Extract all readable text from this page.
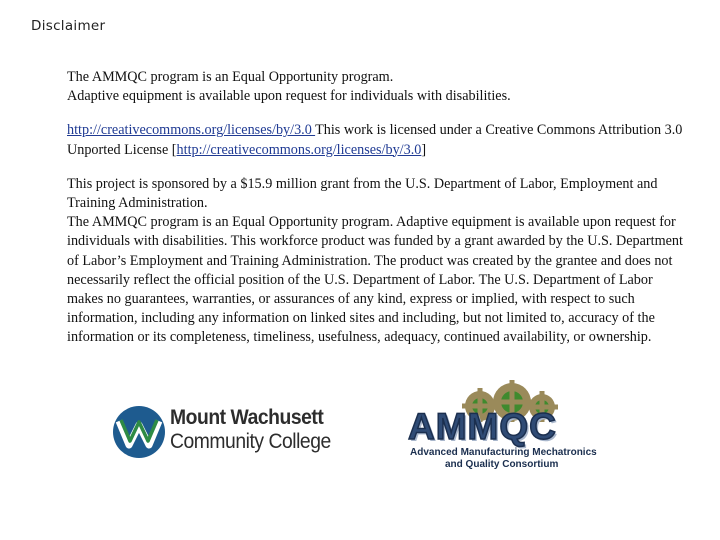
Disclaimer

The AMMQC program is an Equal Opportunity program.
Adaptive equipment is available upon request for individuals with disabilities.

http://creativecommons.org/licenses/by/3.0 This work is licensed under a Creative Commons Attribution 3.0 Unported License [http://creativecommons.org/licenses/by/3.0]

This project is sponsored by a $15.9 million grant from the U.S. Department of Labor, Employment and Training Administration.
The AMMQC program is an Equal Opportunity program. Adaptive equipment is available upon request for individuals with disabilities. This workforce product was funded by a grant awarded by the U.S. Department of Labor’s Employment and Training Administration. The product was created by the grantee and does not necessarily reflect the official position of the U.S. Department of Labor. The U.S. Department of Labor makes no guarantees, warranties, or assurances of any kind, express or implied, with respect to such information, including any information on linked sites and including, but not limited to, accuracy of the information or its completeness, timeliness, usefulness, adequacy, continued availability, or ownership.

Mount Wachusett
Community College AMMQC
Advanced Manufacturing Mechatronics
and Quality Consortium
